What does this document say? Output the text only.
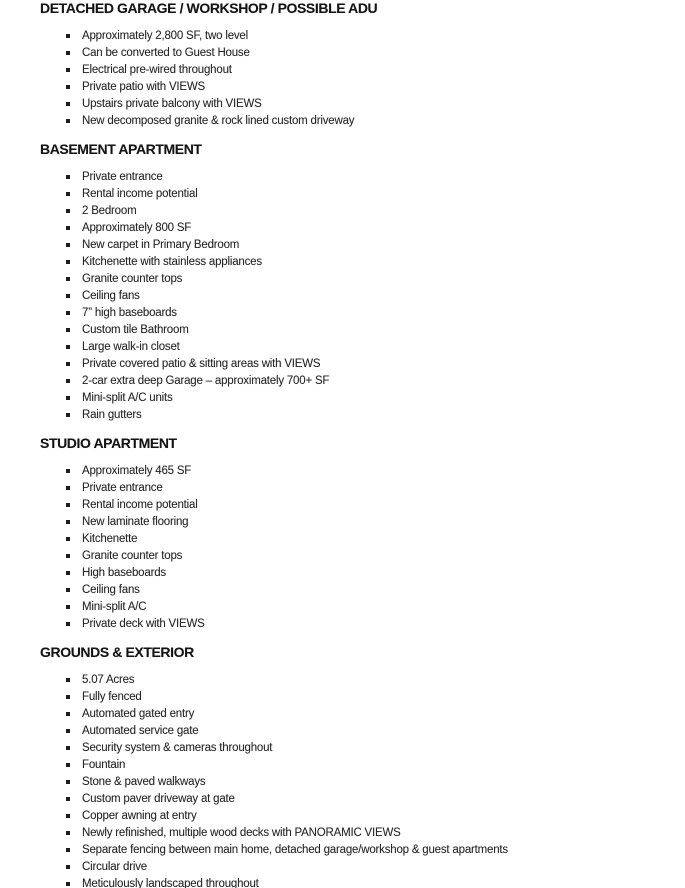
DETACHED GARAGE / WORKSHOP / POSSIBLE ADU
Approximately 2,800 SF, two level
Can be converted to Guest House
Electrical pre-wired throughout
Private patio with VIEWS
Upstairs private balcony with VIEWS
New decomposed granite & rock lined custom driveway
BASEMENT APARTMENT
Private entrance
Rental income potential
2 Bedroom
Approximately 800 SF
New carpet in Primary Bedroom
Kitchenette with stainless appliances
Granite counter tops
Ceiling fans
7” high baseboards
Custom tile Bathroom
Large walk-in closet
Private covered patio & sitting areas with VIEWS
2-car extra deep Garage – approximately 700+ SF
Mini-split A/C units
Rain gutters
STUDIO APARTMENT
Approximately 465 SF
Private entrance
Rental income potential
New laminate flooring
Kitchenette
Granite counter tops
High baseboards
Ceiling fans
Mini-split A/C
Private deck with VIEWS
GROUNDS & EXTERIOR
5.07 Acres
Fully fenced
Automated gated entry
Automated service gate
Security system & cameras throughout
Fountain
Stone & paved walkways
Custom paver driveway at gate
Copper awning at entry
Newly refinished, multiple wood decks with PANORAMIC VIEWS
Separate fencing between main home, detached garage/workshop & guest apartments
Circular drive
Meticulously landscaped throughout
